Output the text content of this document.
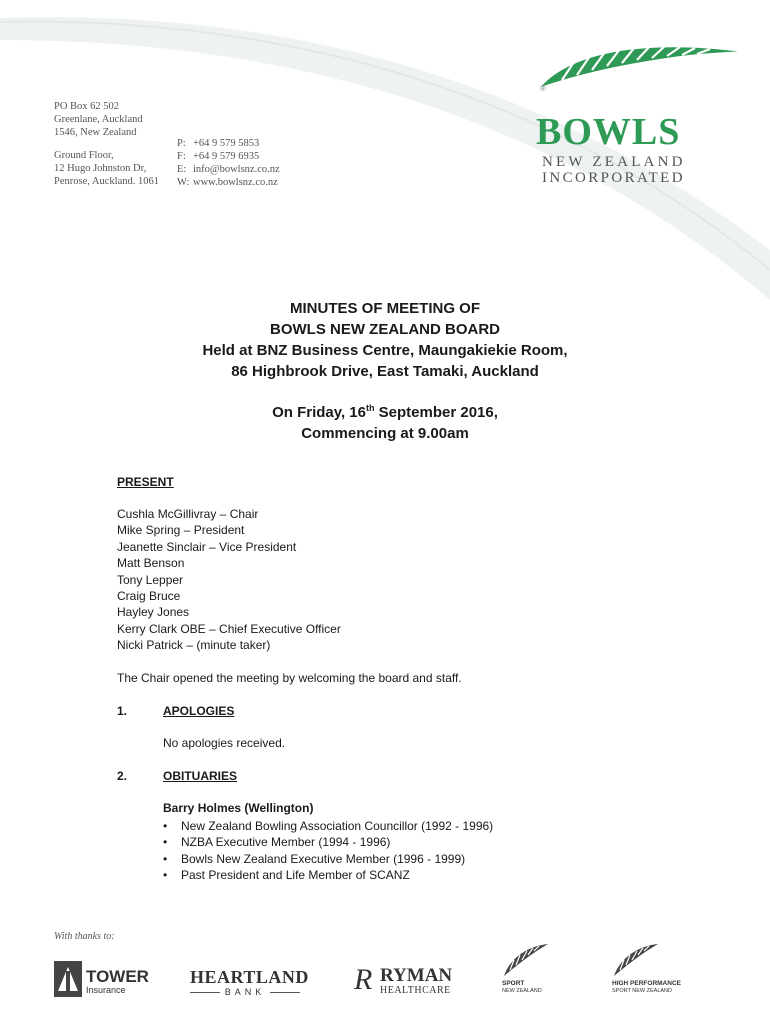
PO Box 62 502
Greenlane, Auckland
1546, New Zealand
Ground Floor,
12 Hugo Johnston Dr,
Penrose, Auckland. 1061
P: +64 9 579 5853
F: +64 9 579 6935
E: info@bowlsnz.co.nz
W: www.bowlsnz.co.nz
®
BOWLS
NEW ZEALAND
INCORPORATED
MINUTES OF MEETING OF
BOWLS NEW ZEALAND BOARD
Held at BNZ Business Centre, Maungakiekie Room,
86 Highbrook Drive, East Tamaki, Auckland
On Friday, 16th September 2016,
Commencing at 9.00am
PRESENT
Cushla McGillivray – Chair
Mike Spring – President
Jeanette Sinclair – Vice President
Matt Benson
Tony Lepper
Craig Bruce
Hayley Jones
Kerry Clark OBE – Chief Executive Officer
Nicki Patrick – (minute taker)
The Chair opened the meeting by welcoming the board and staff.
1.	APOLOGIES
No apologies received.
2.	OBITUARIES
Barry Holmes (Wellington)
• New Zealand Bowling Association Councillor (1992 - 1996)
• NZBA Executive Member (1994 - 1996)
• Bowls New Zealand Executive Member (1996 - 1999)
• Past President and Life Member of SCANZ
With thanks to:
TOWER
Insurance
HEARTLAND
BANK	R RYMAN
HEALTHCARE
SPORT
NEW ZEALAND
HIGH PERFORMANCE
SPORT NEW ZEALAND
